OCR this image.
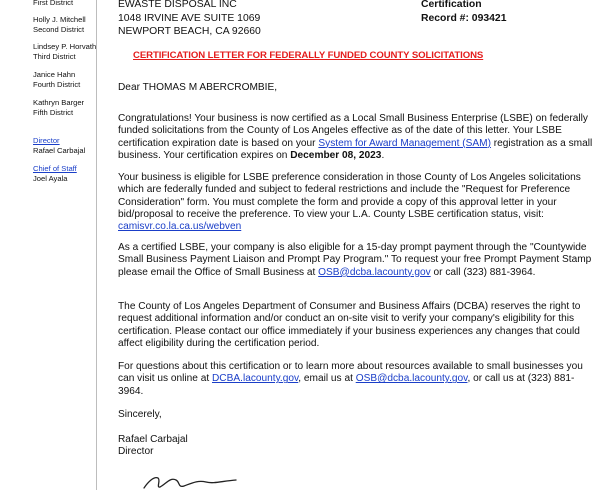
First District
Holly J. Mitchell
Second District
Lindsey P. Horvath
Third District
Janice Hahn
Fourth District
Kathryn Barger
Fifth District
Director
Rafael Carbajal
Chief of Staff
Joel Ayala
EWASTE DISPOSAL INC
1048 IRVINE AVE SUITE 1069
NEWPORT BEACH, CA 92660
Certification
Record #: 093421
CERTIFICATION LETTER FOR FEDERALLY FUNDED COUNTY SOLICITATIONS

Dear THOMAS M ABERCROMBIE,

Congratulations! Your business is now certified as a Local Small Business Enterprise (LSBE) on federally funded solicitations from the County of Los Angeles effective as of the date of this letter. Your LSBE certification expiration date is based on your System for Award Management (SAM) registration as a small business. Your certification expires on December 08, 2023.

Your business is eligible for LSBE preference consideration in those County of Los Angeles solicitations which are federally funded and subject to federal restrictions and include the "Request for Preference Consideration" form. You must complete the form and provide a copy of this approval letter in your bid/proposal to receive the preference. To view your L.A. County LSBE certification status, visit: camisvr.co.la.ca.us/webven

As a certified LSBE, your company is also eligible for a 15-day prompt payment through the "Countywide Small Business Payment Liaison and Prompt Pay Program." To request your free Prompt Payment Stamp please email the Office of Small Business at OSB@dcba.lacounty.gov or call (323) 881-3964.

The County of Los Angeles Department of Consumer and Business Affairs (DCBA) reserves the right to request additional information and/or conduct an on-site visit to verify your company's eligibility for this certification. Please contact our office immediately if your business experiences any changes that could affect eligibility during the certification period.

For questions about this certification or to learn more about resources available to small businesses you can visit us online at DCBA.lacounty.gov, email us at OSB@dcba.lacounty.gov, or call us at (323) 881-3964.

Sincerely,

Rafael Carbajal
Director
